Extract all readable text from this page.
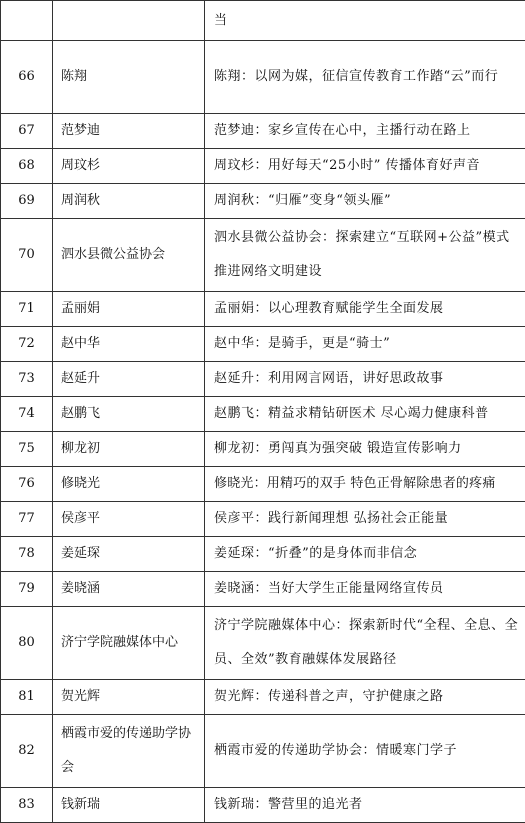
		当
66	陈翔	陈翔：以网为媒，征信宣传教育工作踏“云”而行
67	范梦迪	范梦迪：家乡宣传在心中，主播行动在路上
68	周玟杉	周玟杉：用好每天“25小时” 传播体育好声音
69	周润秋	周润秋：“归雁”变身“领头雁”
70	泗水县微公益协会	泗水县微公益协会：探索建立“互联网+公益”模式 推进网络文明建设
71	孟丽娟	孟丽娟：以心理教育赋能学生全面发展
72	赵中华	赵中华：是骑手，更是“骑士”
73	赵延升	赵延升：利用网言网语，讲好思政故事
74	赵鹏飞	赵鹏飞：精益求精钻研医术 尽心竭力健康科普
75	柳龙初	柳龙初：勇闯真为强突破 锻造宣传影响力
76	修晓光	修晓光：用精巧的双手 特色正骨解除患者的疼痛
77	侯彦平	侯彦平：践行新闻理想 弘扬社会正能量
78	姜延琛	姜延琛：“折叠”的是身体而非信念
79	姜晓涵	姜晓涵：当好大学生正能量网络宣传员
80	济宁学院融媒体中心	济宁学院融媒体中心：探索新时代“全程、全息、全员、全效”教育融媒体发展路径
81	贺光辉	贺光辉：传递科普之声，守护健康之路
82	栖霞市爱的传递助学协会	栖霞市爱的传递助学协会：情暖寒门学子
83	钱新瑞	钱新瑞：警营里的追光者
